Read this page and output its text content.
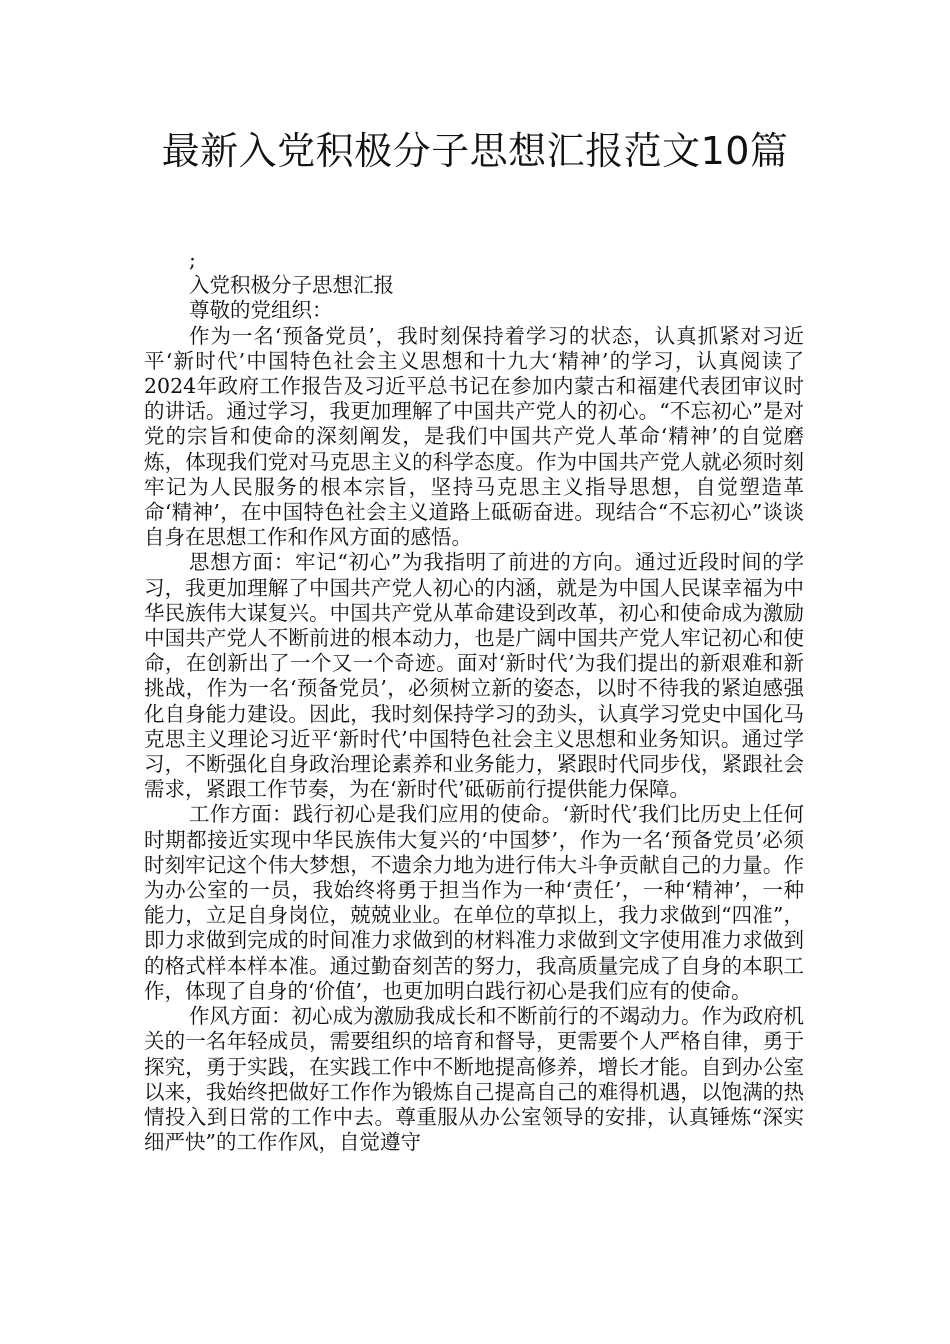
最新入党积极分子思想汇报范文10篇

;

入党积极分子思想汇报

尊敬的党组织：

作为一名‘预备党员’，我时刻保持着学习的状态，认真抓紧对习近平‘新时代’中国特色社会主义思想和十九大‘精神’的学习，认真阅读了2024年政府工作报告及习近平总书记在参加内蒙古和福建代表团审议时的讲话。通过学习，我更加理解了中国共产党人的初心。“不忘初心”是对党的宗旨和使命的深刻阐发，是我们中国共产党人革命‘精神’的自觉磨炼，体现我们党对马克思主义的科学态度。作为中国共产党人就必须时刻牢记为人民服务的根本宗旨，坚持马克思主义指导思想，自觉塑造革命‘精神’，在中国特色社会主义道路上砥砺奋进。现结合“不忘初心”谈谈自身在思想工作和作风方面的感悟。

思想方面：牢记“初心”为我指明了前进的方向。通过近段时间的学习，我更加理解了中国共产党人初心的内涵，就是为中国人民谋幸福为中华民族伟大谋复兴。中国共产党从革命建设到改革，初心和使命成为激励中国共产党人不断前进的根本动力，也是广阔中国共产党人牢记初心和使命，在创新出了一个又一个奇迹。面对‘新时代’为我们提出的新艰难和新挑战，作为一名‘预备党员’，必须树立新的姿态，以时不待我的紧迫感强化自身能力建设。因此，我时刻保持学习的劲头，认真学习党史中国化马克思主义理论习近平‘新时代’中国特色社会主义思想和业务知识。通过学习，不断强化自身政治理论素养和业务能力，紧跟时代同步伐，紧跟社会需求，紧跟工作节奏，为在‘新时代’砥砺前行提供能力保障。

工作方面：践行初心是我们应用的使命。‘新时代’我们比历史上任何时期都接近实现中华民族伟大复兴的‘中国梦’，作为一名‘预备党员’必须时刻牢记这个伟大梦想，不遗余力地为进行伟大斗争贡献自己的力量。作为办公室的一员，我始终将勇于担当作为一种‘责任’，一种‘精神’，一种能力，立足自身岗位，兢兢业业。在单位的草拟上，我力求做到“四准”，即力求做到完成的时间准力求做到的材料准力求做到文字使用准力求做到的格式样本样本准。通过勤奋刻苦的努力，我高质量完成了自身的本职工作，体现了自身的‘价值’，也更加明白践行初心是我们应有的使命。

作风方面：初心成为激励我成长和不断前行的不竭动力。作为政府机关的一名年轻成员，需要组织的培育和督导，更需要个人严格自律，勇于探究，勇于实践，在实践工作中不断地提高修养，增长才能。自到办公室以来，我始终把做好工作作为锻炼自己提高自己的难得机遇，以饱满的热情投入到日常的工作中去。尊重服从办公室领导的安排，认真锤炼“深实细严快”的工作作风，自觉遵守
